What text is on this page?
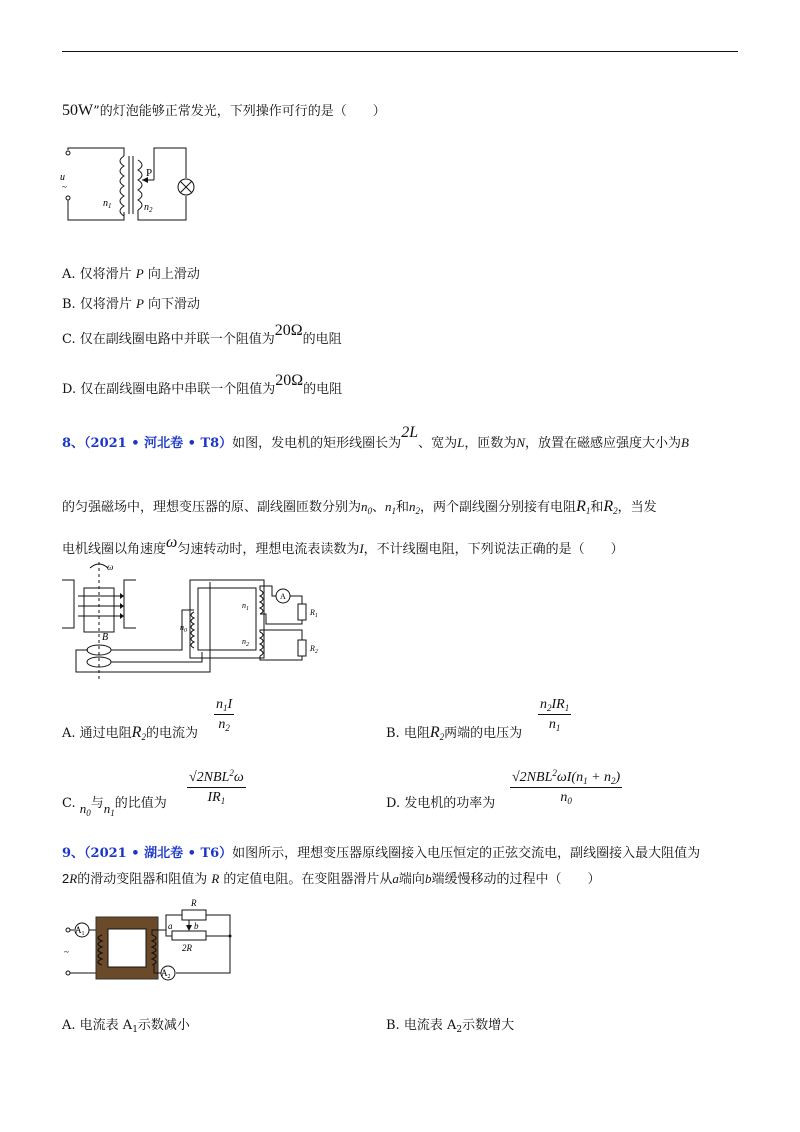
50W”的灯泡能够正常发光，下列操作可行的是（　　）
u
~
P
$n_1$	$n_2$
A. 仅将滑片 P 向上滑动
B. 仅将滑片 P 向下滑动
C. 仅在副线圈电路中并联一个阻值为20Ω的电阻
D. 仅在副线圈电路中串联一个阻值为20Ω的电阻
8、（2021 • 河北卷 • T8）如图，发电机的矩形线圈长为2L、宽为L，匝数为N，放置在磁感应强度大小为B
的匀强磁场中，理想变压器的原、副线圈匝数分别为$n_0$、$n_1$和$n_2$，两个副线圈分别接有电阻$R_1$和$R_2$，当发
电机线圈以角速度ω匀速转动时，理想电流表读数为I，不计线圈电阻，下列说法正确的是（　　）
ω
B
A
$n_0$
$n_1$
$n_2$
$R_1$
$R_2$
A. 通过电阻$R_2$的电流为
$\frac{n_1I}{n_2}$
B. 电阻$R_2$两端的电压为
$\frac{n_2IR_1}{n_1}$
C. $n_0$与$n_1$的比值为
√2NBL$^2$ω
$IR_1$	D. 发电机的功率为
$√2NBL^2\omega I(n_1 + n_2)$
$n_0$
9、（2021 • 湖北卷 • T6）如图所示，理想变压器原线圈接入电压恒定的正弦交流电，副线圈接入最大阻值为
2R的滑动变阻器和阻值为 R 的定值电阻。在变阻器滑片从a端向b端缓慢移动的过程中（　　）
$A_1$
$A_2$
R
a b
2R
~
A. 电流表 $A_1$示数减小	B. 电流表 $A_2$示数增大
